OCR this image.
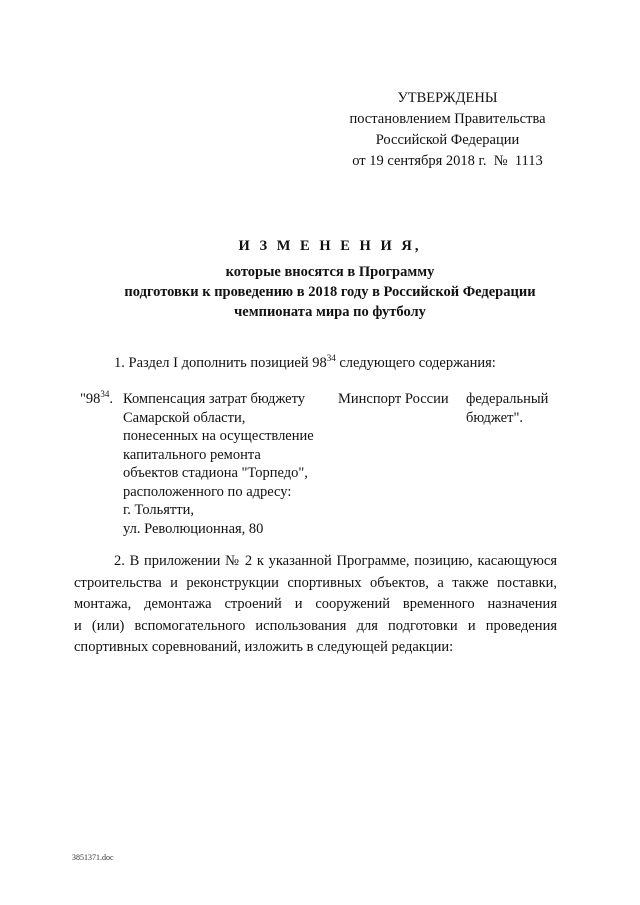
УТВЕРЖДЕНЫ
постановлением Правительства
Российской Федерации
от 19 сентября 2018 г.  №  1113
И З М Е Н Е Н И Я,
которые вносятся в Программу
подготовки к проведению в 2018 году в Российской Федерации
чемпионата мира по футболу
1. Раздел I дополнить позицией $98^{34}$ следующего содержания:
"$98^{34}$. Компенсация затрат бюджету
Самарской области,
понесенных на осуществление
капитального ремонта
объектов стадиона "Торпедо",
расположенного по адресу:
г. Тольятти,
ул. Революционная, 80
Минспорт России федеральный
бюджет".
2. В приложении № 2 к указанной Программе, позицию, касающуюся
строительства и реконструкции спортивных объектов, а также поставки,
монтажа, демонтажа строений и сооружений временного назначения
и (или) вспомогательного использования для подготовки и проведения
спортивных соревнований, изложить в следующей редакции:
3851371.doc
